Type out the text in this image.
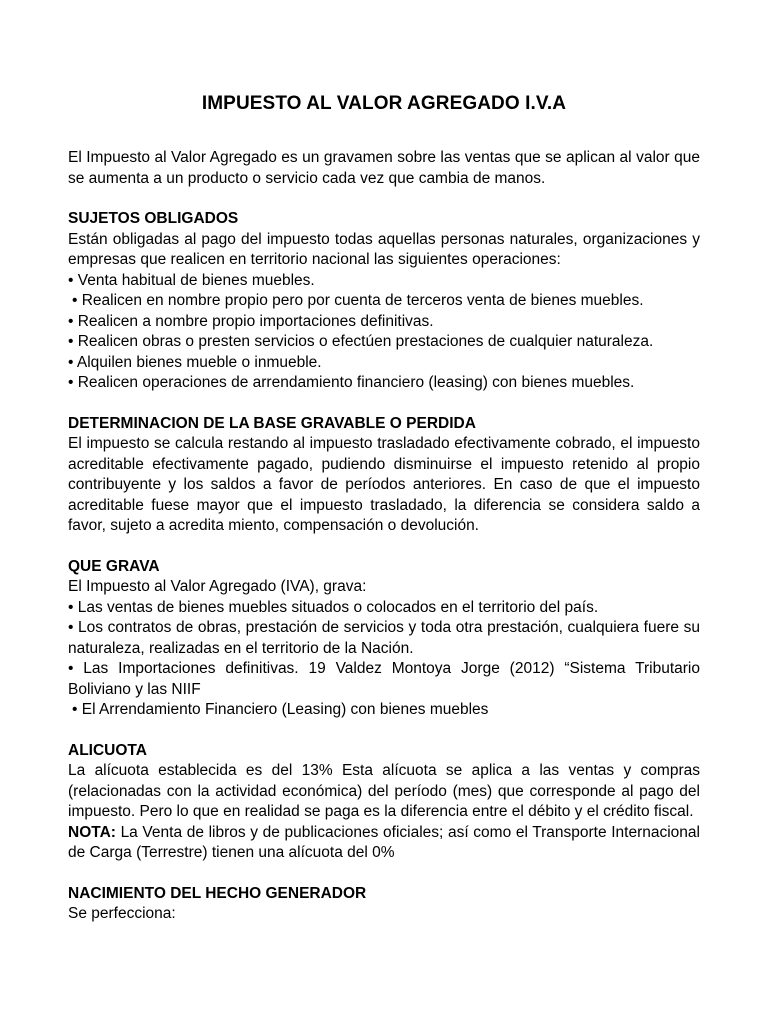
IMPUESTO AL VALOR AGREGADO I.V.A

El Impuesto al Valor Agregado es un gravamen sobre las ventas que se aplican al valor que se aumenta a un producto o servicio cada vez que cambia de manos.

SUJETOS OBLIGADOS

Están obligadas al pago del impuesto todas aquellas personas naturales, organizaciones y empresas que realicen en territorio nacional las siguientes operaciones:

• Venta habitual de bienes muebles.
• Realicen en nombre propio pero por cuenta de terceros venta de bienes muebles.
• Realicen a nombre propio importaciones definitivas.
• Realicen obras o presten servicios o efectúen prestaciones de cualquier naturaleza.
• Alquilen bienes mueble o inmueble.
• Realicen operaciones de arrendamiento financiero (leasing) con bienes muebles.

DETERMINACION DE LA BASE GRAVABLE O PERDIDA

El impuesto se calcula restando al impuesto trasladado efectivamente cobrado, el impuesto acreditable efectivamente pagado, pudiendo disminuirse el impuesto retenido al propio contribuyente y los saldos a favor de períodos anteriores. En caso de que el impuesto acreditable fuese mayor que el impuesto trasladado, la diferencia se considera saldo a favor, sujeto a acredita miento, compensación o devolución.

QUE GRAVA

El Impuesto al Valor Agregado (IVA), grava:

• Las ventas de bienes muebles situados o colocados en el territorio del país.
• Los contratos de obras, prestación de servicios y toda otra prestación, cualquiera fuere su naturaleza, realizadas en el territorio de la Nación.
• Las Importaciones definitivas. 19 Valdez Montoya Jorge (2012) “Sistema Tributario Boliviano y las NIIF
• El Arrendamiento Financiero (Leasing) con bienes muebles

ALICUOTA

La alícuota establecida es del 13% Esta alícuota se aplica a las ventas y compras (relacionadas con la actividad económica) del período (mes) que corresponde al pago del impuesto. Pero lo que en realidad se paga es la diferencia entre el débito y el crédito fiscal.

NOTA: La Venta de libros y de publicaciones oficiales; así como el Transporte Internacional de Carga (Terrestre) tienen una alícuota del 0%

NACIMIENTO DEL HECHO GENERADOR

Se perfecciona:
